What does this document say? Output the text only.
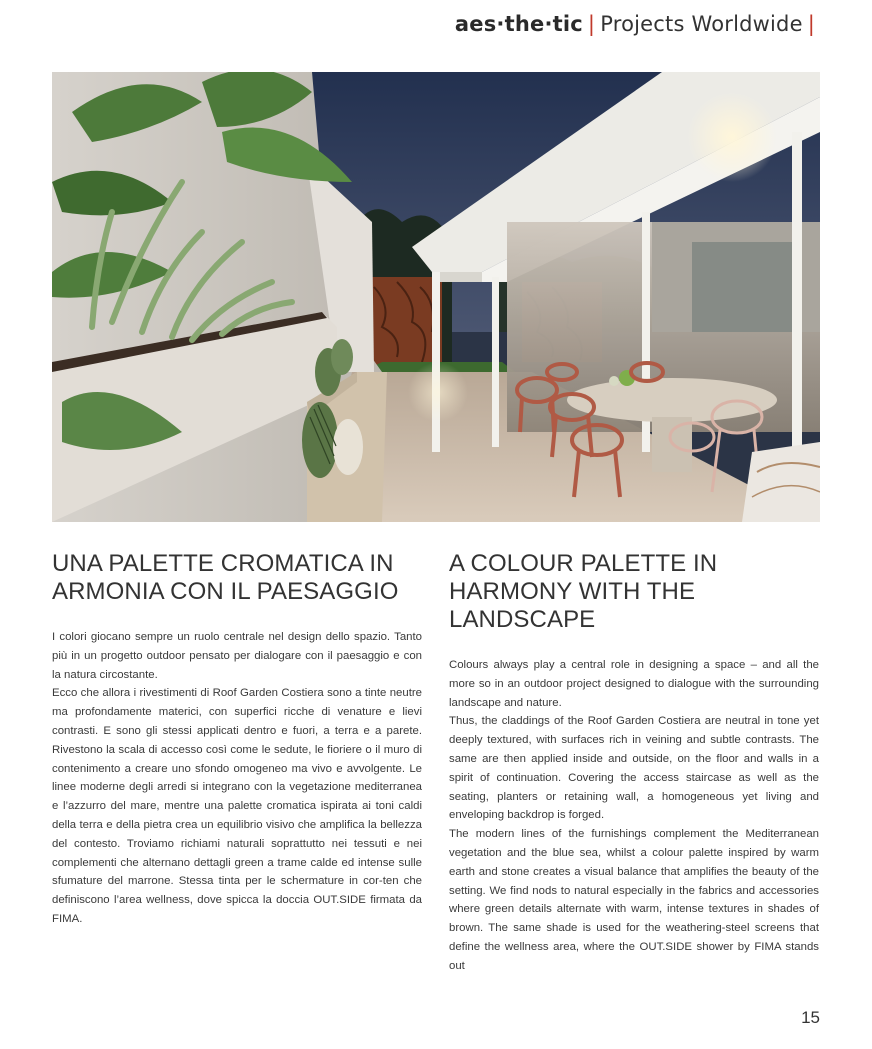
aes·the·tic | Projects Worldwide |
UNA PALETTE CROMATICA IN ARMONIA CON IL PAESAGGIO

I colori giocano sempre un ruolo centrale nel design dello spazio. Tanto più in un progetto outdoor pensato per dialogare con il paesaggio e con la natura circostante.

Ecco che allora i rivestimenti di Roof Garden Costiera sono a tinte neutre ma profondamente materici, con superfici ricche di venature e lievi contrasti. E sono gli stessi applicati dentro e fuori, a terra e a parete. Rivestono la scala di accesso così come le sedute, le fioriere o il muro di contenimento a creare uno sfondo omogeneo ma vivo e avvolgente. Le linee moderne degli arredi si integrano con la vegetazione mediterranea e l’azzurro del mare, mentre una palette cromatica ispirata ai toni caldi della terra e della pietra crea un equilibrio visivo che amplifica la bellezza del contesto. Troviamo richiami naturali soprattutto nei tessuti e nei complementi che alternano dettagli green a trame calde ed intense sulle sfumature del marrone. Stessa tinta per le schermature in cor-ten che definiscono l’area wellness, dove spicca la doccia OUT.SIDE firmata da FIMA.

A COLOUR PALETTE IN HARMONY WITH THE LANDSCAPE

Colours always play a central role in designing a space – and all the more so in an outdoor project designed to dialogue with the surrounding landscape and nature.

Thus, the claddings of the Roof Garden Costiera are neutral in tone yet deeply textured, with surfaces rich in veining and subtle contrasts. The same are then applied inside and outside, on the floor and walls in a spirit of continuation. Covering the access staircase as well as the seating, planters or retaining wall, a homogeneous yet living and enveloping backdrop is forged.

The modern lines of the furnishings complement the Mediterranean vegetation and the blue sea, whilst a colour palette inspired by warm earth and stone creates a visual balance that amplifies the beauty of the setting. We find nods to natural especially in the fabrics and accessories where green details alternate with warm, intense textures in shades of brown. The same shade is used for the weathering-steel screens that define the wellness area, where the OUT.SIDE shower by FIMA stands out

15
